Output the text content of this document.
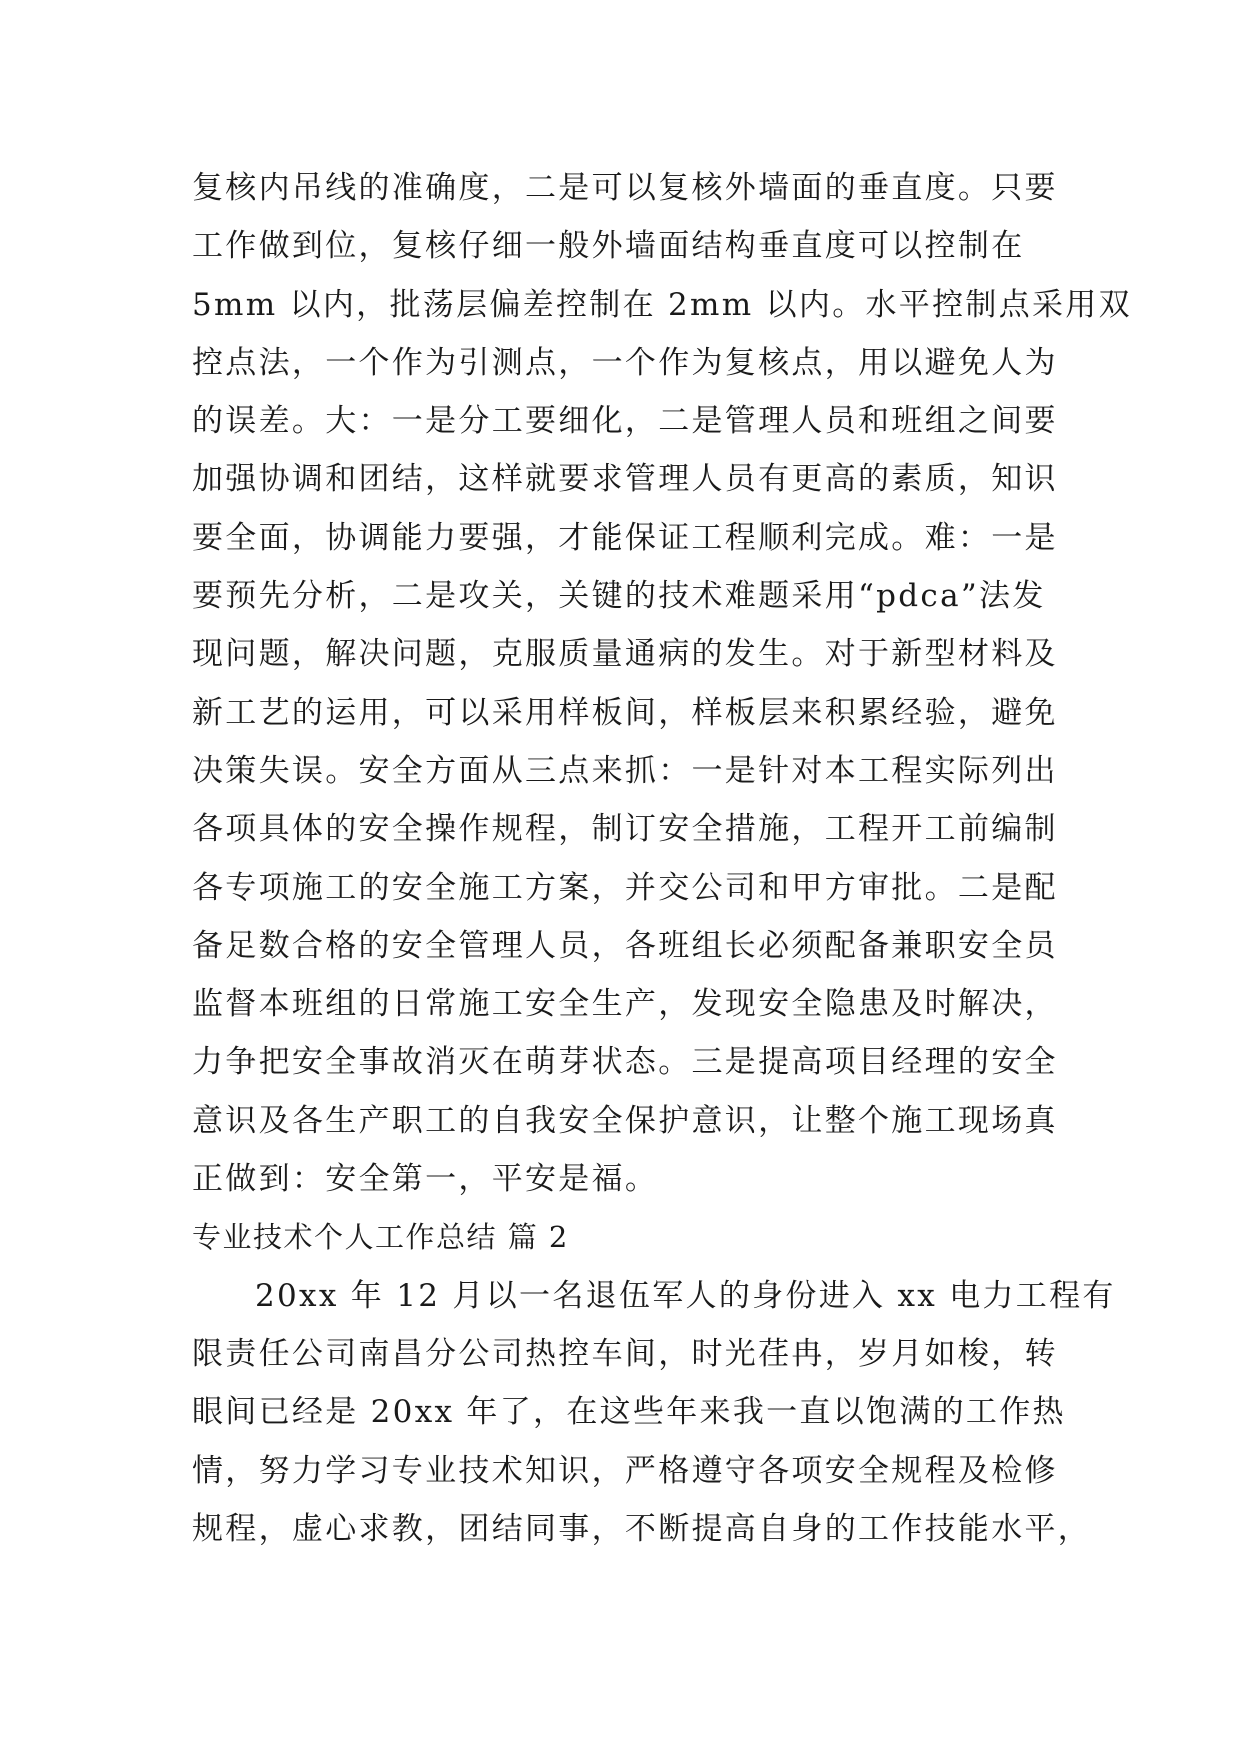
复核内吊线的准确度，二是可以复核外墙面的垂直度。只要
工作做到位，复核仔细一般外墙面结构垂直度可以控制在
5mm 以内，批荡层偏差控制在 2mm 以内。水平控制点采用双
控点法，一个作为引测点，一个作为复核点，用以避免人为
的误差。大：一是分工要细化，二是管理人员和班组之间要
加强协调和团结，这样就要求管理人员有更高的素质，知识
要全面，协调能力要强，才能保证工程顺利完成。难：一是
要预先分析，二是攻关，关键的技术难题采用“pdca”法发
现问题，解决问题，克服质量通病的发生。对于新型材料及
新工艺的运用，可以采用样板间，样板层来积累经验，避免
决策失误。安全方面从三点来抓：一是针对本工程实际列出
各项具体的安全操作规程，制订安全措施，工程开工前编制
各专项施工的安全施工方案，并交公司和甲方审批。二是配
备足数合格的安全管理人员，各班组长必须配备兼职安全员
监督本班组的日常施工安全生产，发现安全隐患及时解决，
力争把安全事故消灭在萌芽状态。三是提高项目经理的安全
意识及各生产职工的自我安全保护意识，让整个施工现场真
正做到：安全第一，平安是福。
专业技术个人工作总结 篇 2
20xx 年 12 月以一名退伍军人的身份进入 xx 电力工程有
限责任公司南昌分公司热控车间，时光荏冉，岁月如梭，转
眼间已经是 20xx 年了，在这些年来我一直以饱满的工作热
情，努力学习专业技术知识，严格遵守各项安全规程及检修
规程，虚心求教，团结同事，不断提高自身的工作技能水平，
